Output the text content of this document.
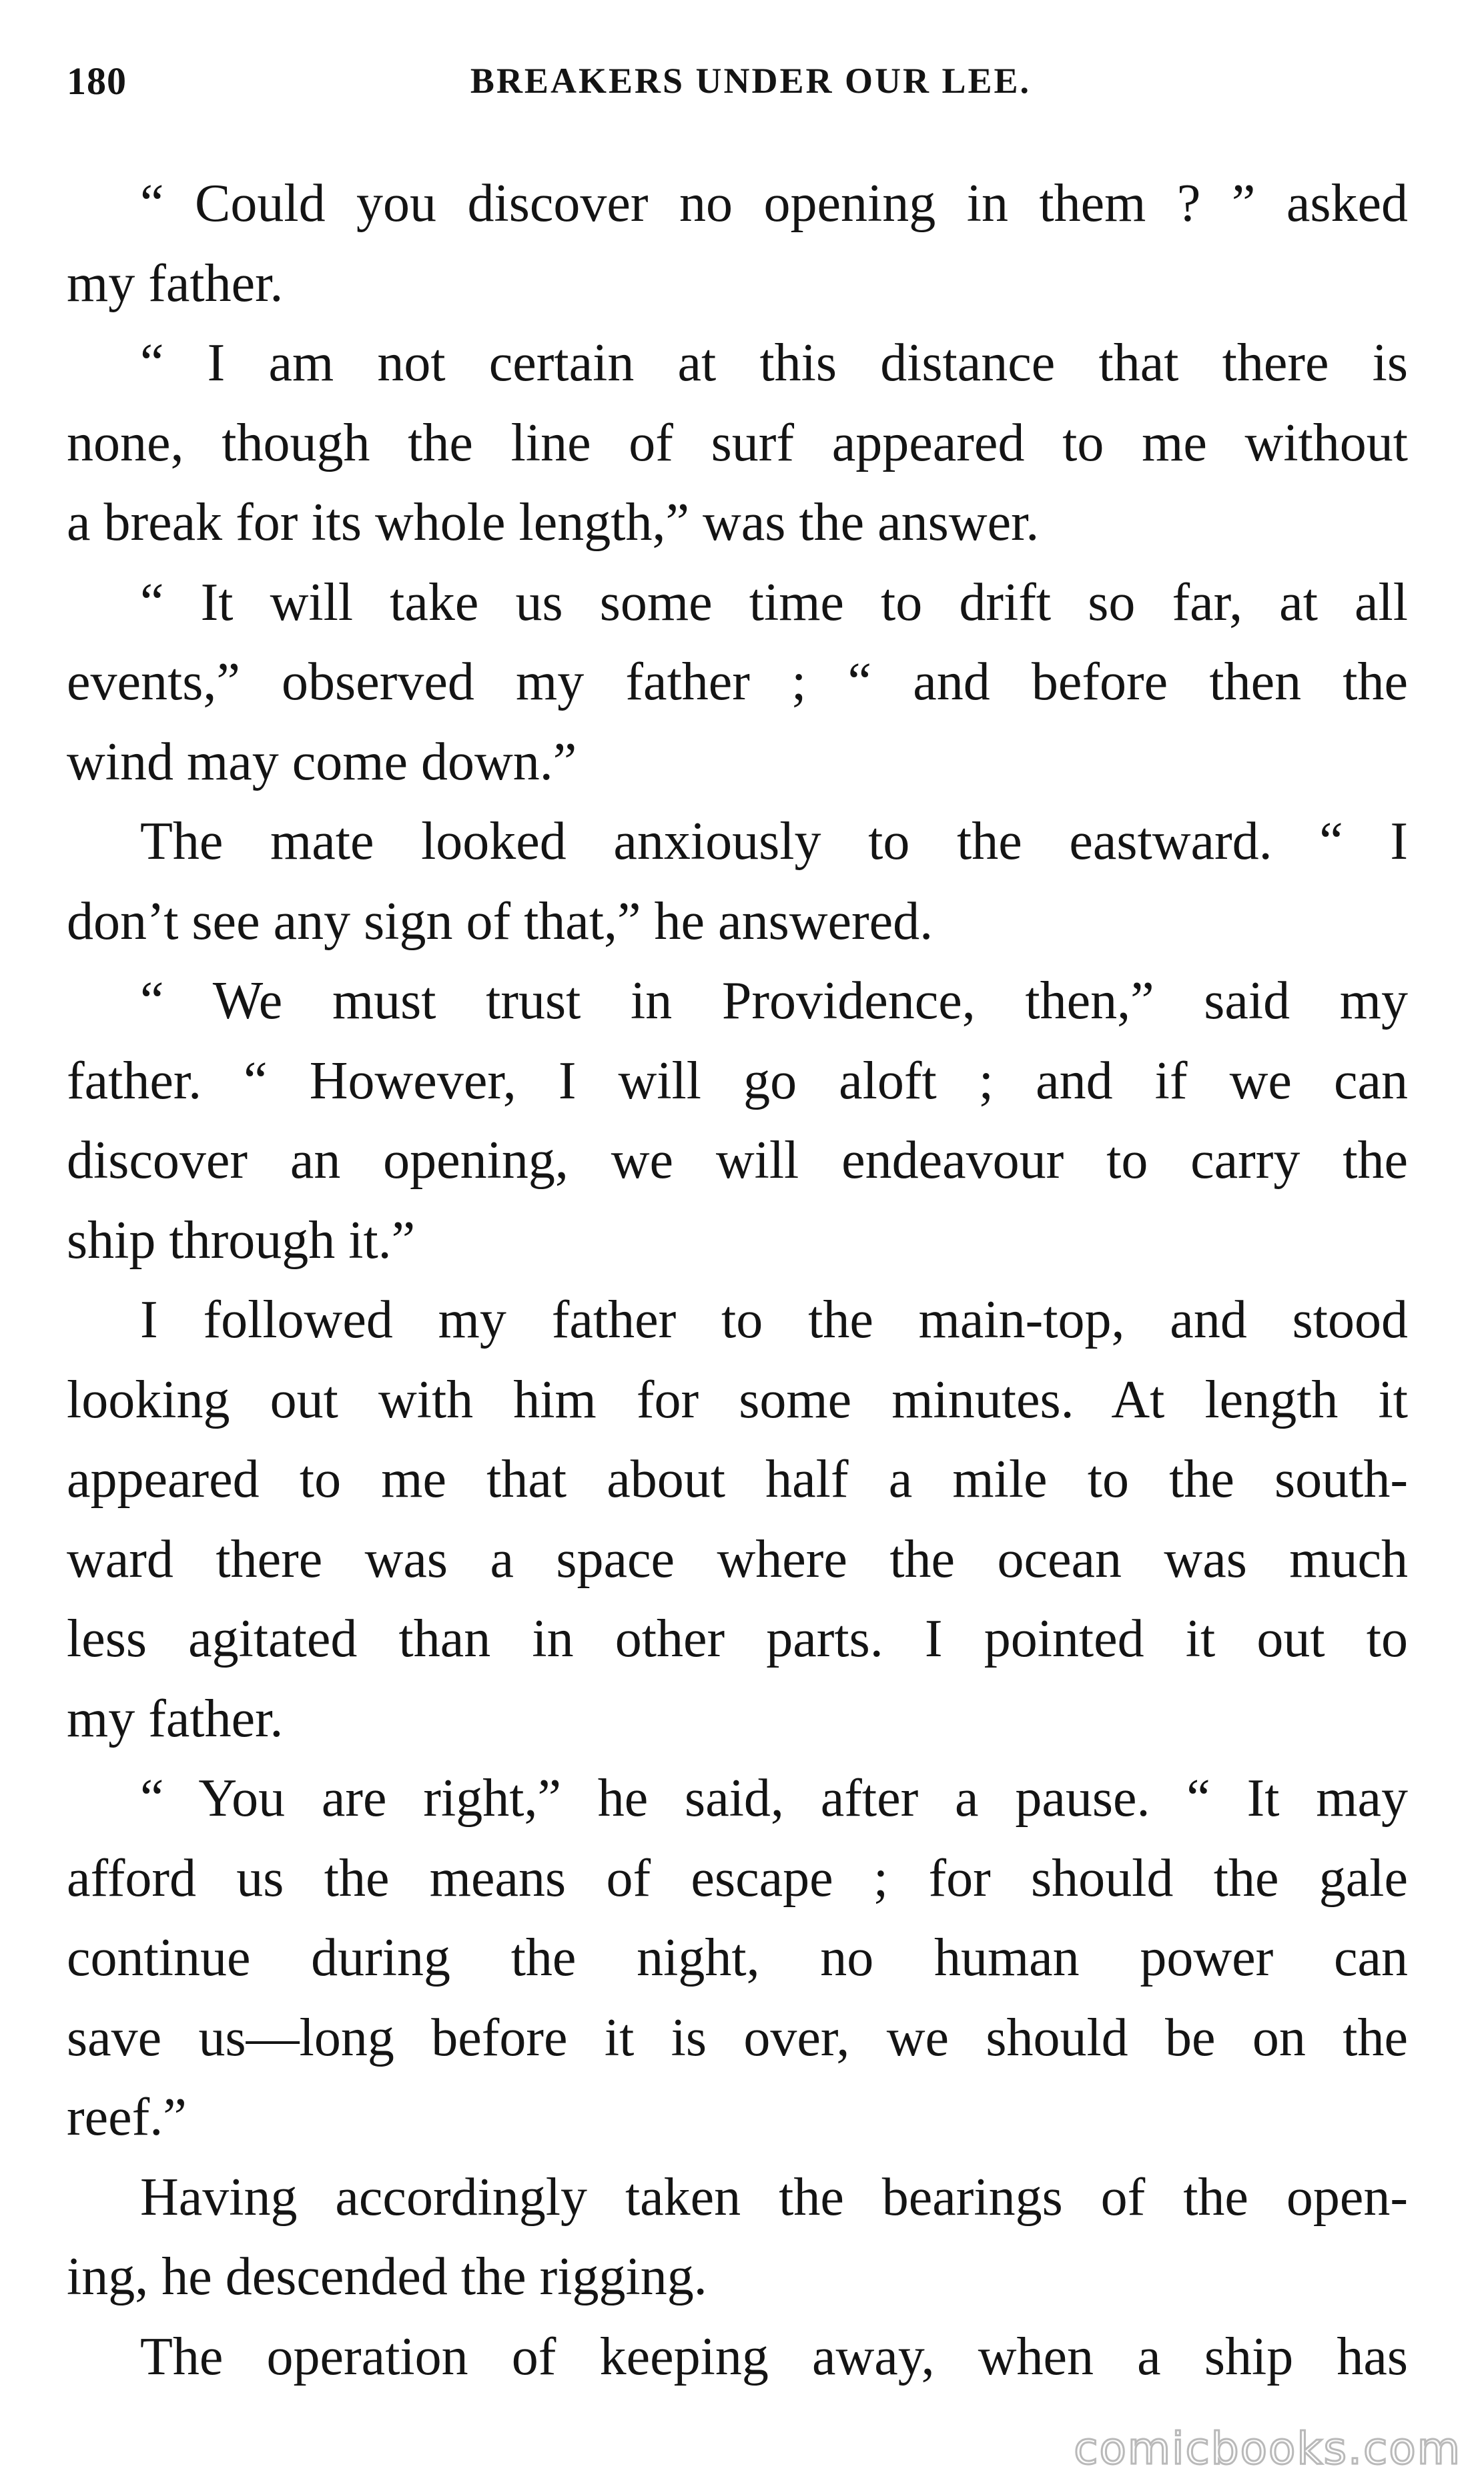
180	BREAKERS UNDER OUR LEE.

“ Could you discover no opening in them ? ” asked
my father.

“ I am not certain at this distance that there is
none, though the line of surf appeared to me without
a break for its whole length,” was the answer.

“ It will take us some time to drift so far, at all
events,” observed my father ; “ and before then the
wind may come down.”

The mate looked anxiously to the eastward. “ I
don’t see any sign of that,” he answered.

“ We must trust in Providence, then,” said my
father. “ However, I will go aloft ; and if we can
discover an opening, we will endeavour to carry the
ship through it.”

I followed my father to the main-top, and stood
looking out with him for some minutes. At length it
appeared to me that about half a mile to the south-
ward there was a space where the ocean was much
less agitated than in other parts. I pointed it out to
my father.

“ You are right,” he said, after a pause. “ It may
afford us the means of escape ; for should the gale
continue during the night, no human power can
save us—long before it is over, we should be on the
reef.”

Having accordingly taken the bearings of the open-
ing, he descended the rigging.

The operation of keeping away, when a ship has

comicbooks.com
